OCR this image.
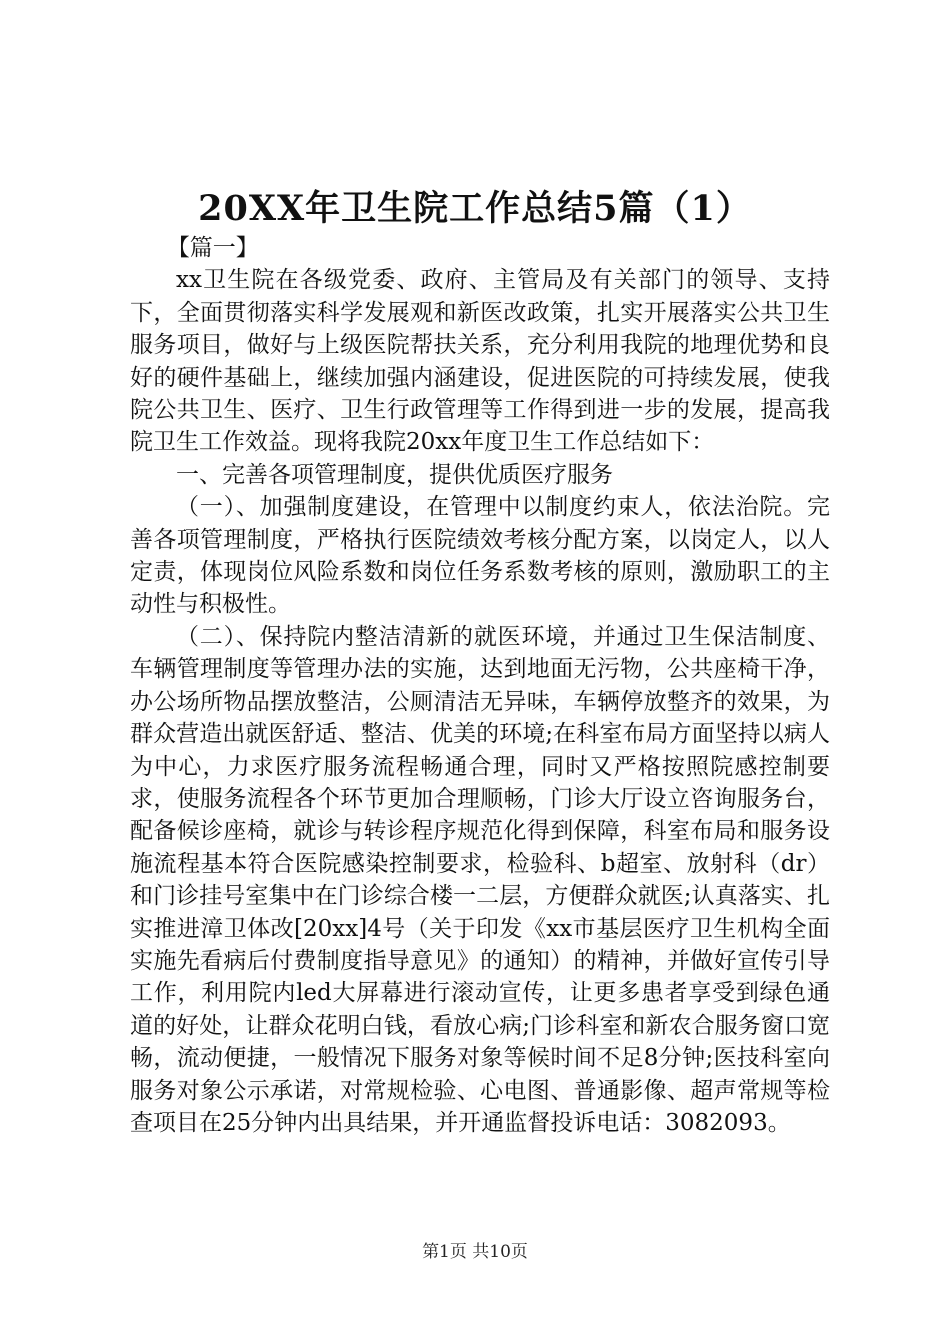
20XX年卫生院工作总结5篇（1）

【篇一】

xx卫生院在各级党委、政府、主管局及有关部门的领导、支持下，全面贯彻落实科学发展观和新医改政策，扎实开展落实公共卫生服务项目，做好与上级医院帮扶关系，充分利用我院的地理优势和良好的硬件基础上，继续加强内涵建设，促进医院的可持续发展，使我院公共卫生、医疗、卫生行政管理等工作得到进一步的发展，提高我院卫生工作效益。现将我院20xx年度卫生工作总结如下：

一、完善各项管理制度，提供优质医疗服务

（一）、加强制度建设，在管理中以制度约束人，依法治院。完善各项管理制度，严格执行医院绩效考核分配方案，以岗定人，以人定责，体现岗位风险系数和岗位任务系数考核的原则，激励职工的主动性与积极性。

（二）、保持院内整洁清新的就医环境，并通过卫生保洁制度、车辆管理制度等管理办法的实施，达到地面无污物，公共座椅干净，办公场所物品摆放整洁，公厕清洁无异味，车辆停放整齐的效果，为群众营造出就医舒适、整洁、优美的环境;在科室布局方面坚持以病人为中心，力求医疗服务流程畅通合理，同时又严格按照院感控制要求，使服务流程各个环节更加合理顺畅，门诊大厅设立咨询服务台，配备候诊座椅，就诊与转诊程序规范化得到保障，科室布局和服务设施流程基本符合医院感染控制要求，检验科、b超室、放射科（dr）和门诊挂号室集中在门诊综合楼一二层，方便群众就医;认真落实、扎实推进漳卫体改[20xx]4号（关于印发《xx市基层医疗卫生机构全面实施先看病后付费制度指导意见》的通知）的精神，并做好宣传引导工作，利用院内led大屏幕进行滚动宣传，让更多患者享受到绿色通道的好处，让群众花明白钱，看放心病;门诊科室和新农合服务窗口宽畅，流动便捷，一般情况下服务对象等候时间不足8分钟;医技科室向服务对象公示承诺，对常规检验、心电图、普通影像、超声常规等检查项目在25分钟内出具结果，并开通监督投诉电话：3082093。

第1页 共10页
